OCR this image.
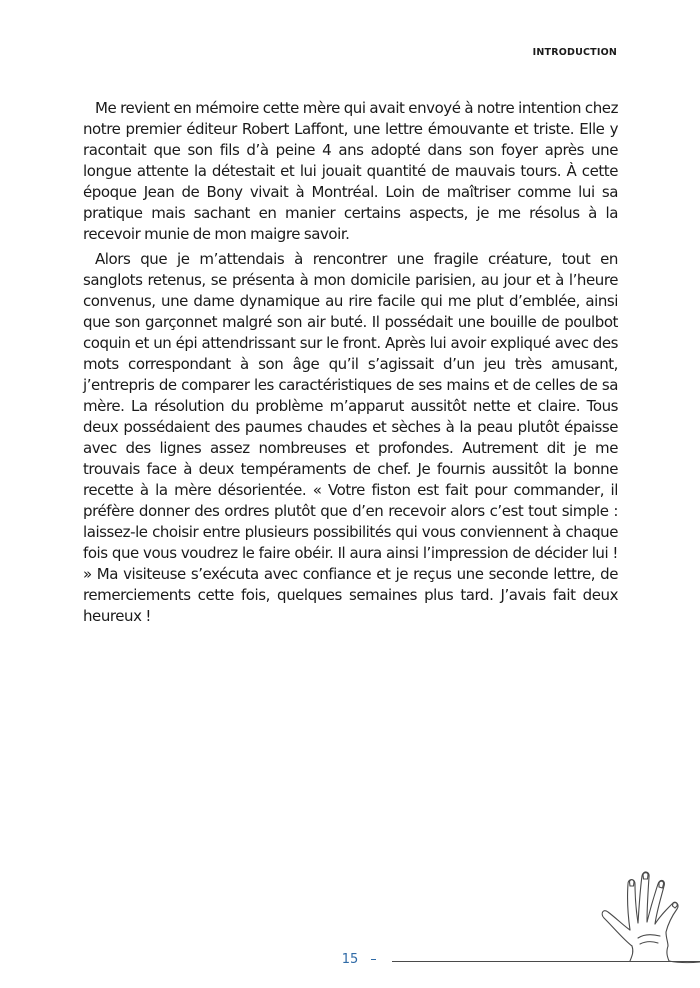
INTRODUCTION

Me revient en mémoire cette mère qui avait envoyé à notre intention chez notre premier éditeur Robert Laffont, une lettre émouvante et triste. Elle y racontait que son fils d’à peine 4 ans adopté dans son foyer après une longue attente la détestait et lui jouait quantité de mauvais tours. À cette époque Jean de Bony vivait à Montréal. Loin de maîtriser comme lui sa pratique mais sachant en manier certains aspects, je me résolus à la recevoir munie de mon maigre savoir.

Alors que je m’attendais à rencontrer une fragile créature, tout en sanglots retenus, se présenta à mon domicile parisien, au jour et à l’heure convenus, une dame dynamique au rire facile qui me plut d’emblée, ainsi que son garçonnet malgré son air buté. Il possédait une bouille de poulbot coquin et un épi attendrissant sur le front. Après lui avoir expliqué avec des mots correspondant à son âge qu’il s’agissait d’un jeu très amusant, j’entrepris de comparer les caractéristiques de ses mains et de celles de sa mère. La résolution du problème m’apparut aussitôt nette et claire. Tous deux possédaient des paumes chaudes et sèches à la peau plutôt épaisse avec des lignes assez nombreuses et profondes. Autrement dit je me trouvais face à deux tempéraments de chef. Je fournis aussitôt la bonne recette à la mère désorientée. « Votre fiston est fait pour commander, il préfère donner des ordres plutôt que d’en recevoir alors c’est tout simple : laissez-le choisir entre plusieurs possibilités qui vous conviennent à chaque fois que vous voudrez le faire obéir. Il aura ainsi l’impression de décider lui ! » Ma visiteuse s’exécuta avec confiance et je reçus une seconde lettre, de remerciements cette fois, quelques semaines plus tard. J’avais fait deux heureux !

15
